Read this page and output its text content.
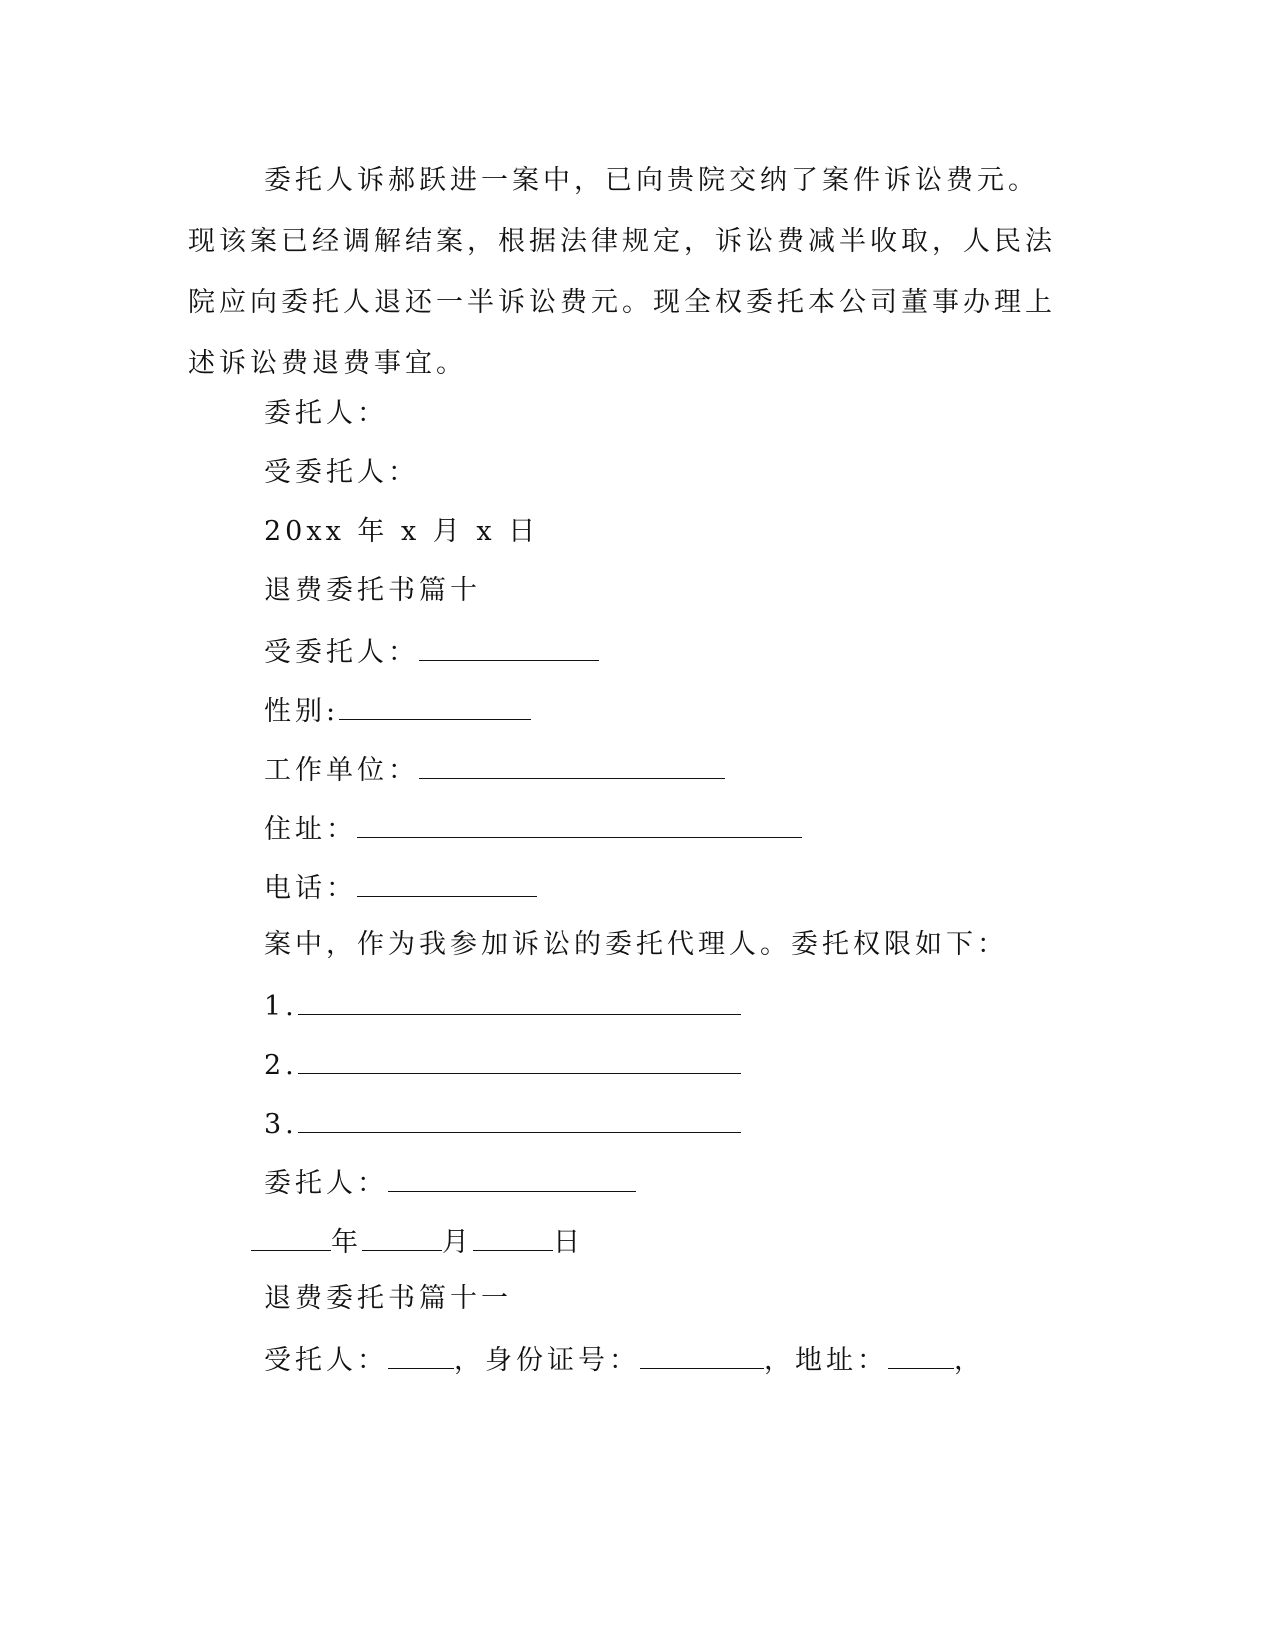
委托人诉郝跃进一案中，已向贵院交纳了案件诉讼费元。现该案已经调解结案，根据法律规定，诉讼费减半收取，人民法院应向委托人退还一半诉讼费元。现全权委托本公司董事办理上述诉讼费退费事宜。

委托人：
受委托人：
20xx 年 x 月 x 日
退费委托书篇十
受委托人：
性别:
工作单位：
住址：
电话：
案中，作为我参加诉讼的委托代理人。委托权限如下：
1.
2.
3.
委托人：
年	月	日
退费委托书篇十一
受托人： ，身份证号：	，地址： ，
